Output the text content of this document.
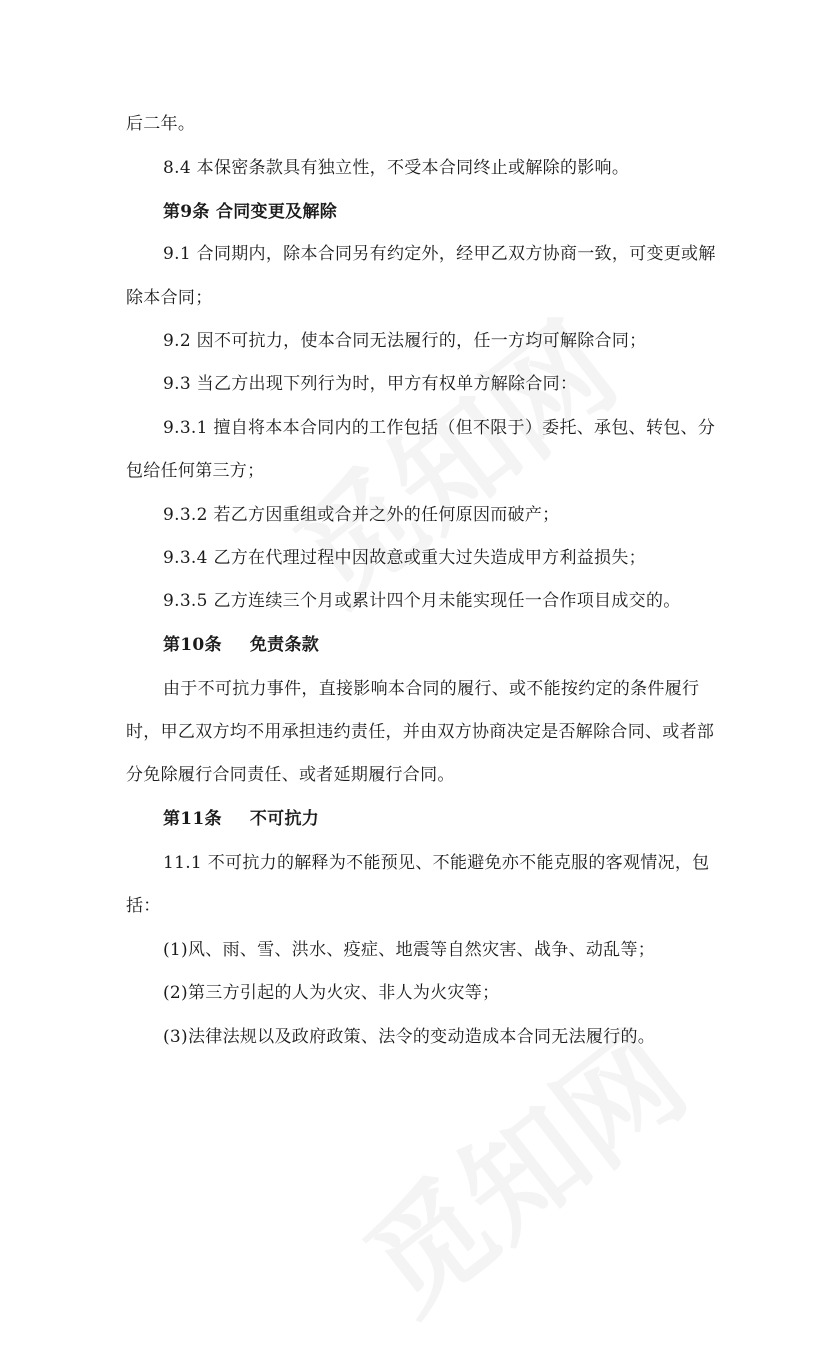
后二年。
8.4 本保密条款具有独立性，不受本合同终止或解除的影响。
第9条 合同变更及解除
9.1 合同期内，除本合同另有约定外，经甲乙双方协商一致，可变更或解
除本合同；
9.2 因不可抗力，使本合同无法履行的，任一方均可解除合同；
9.3 当乙方出现下列行为时，甲方有权单方解除合同：
9.3.1 擅自将本本合同内的工作包括（但不限于）委托、承包、转包、分
包给任何第三方；
9.3.2 若乙方因重组或合并之外的任何原因而破产；
9.3.4 乙方在代理过程中因故意或重大过失造成甲方利益损失；
9.3.5 乙方连续三个月或累计四个月未能实现任一合作项目成交的。
第10条 免责条款
由于不可抗力事件，直接影响本合同的履行、或不能按约定的条件履行
时，甲乙双方均不用承担违约责任，并由双方协商决定是否解除合同、或者部
分免除履行合同责任、或者延期履行合同。
第11条 不可抗力
11.1 不可抗力的解释为不能预见、不能避免亦不能克服的客观情况，包
括：
(1)风、雨、雪、洪水、疫症、地震等自然灾害、战争、动乱等；
(2)第三方引起的人为火灾、非人为火灾等；
(3)法律法规以及政府政策、法令的变动造成本合同无法履行的。
